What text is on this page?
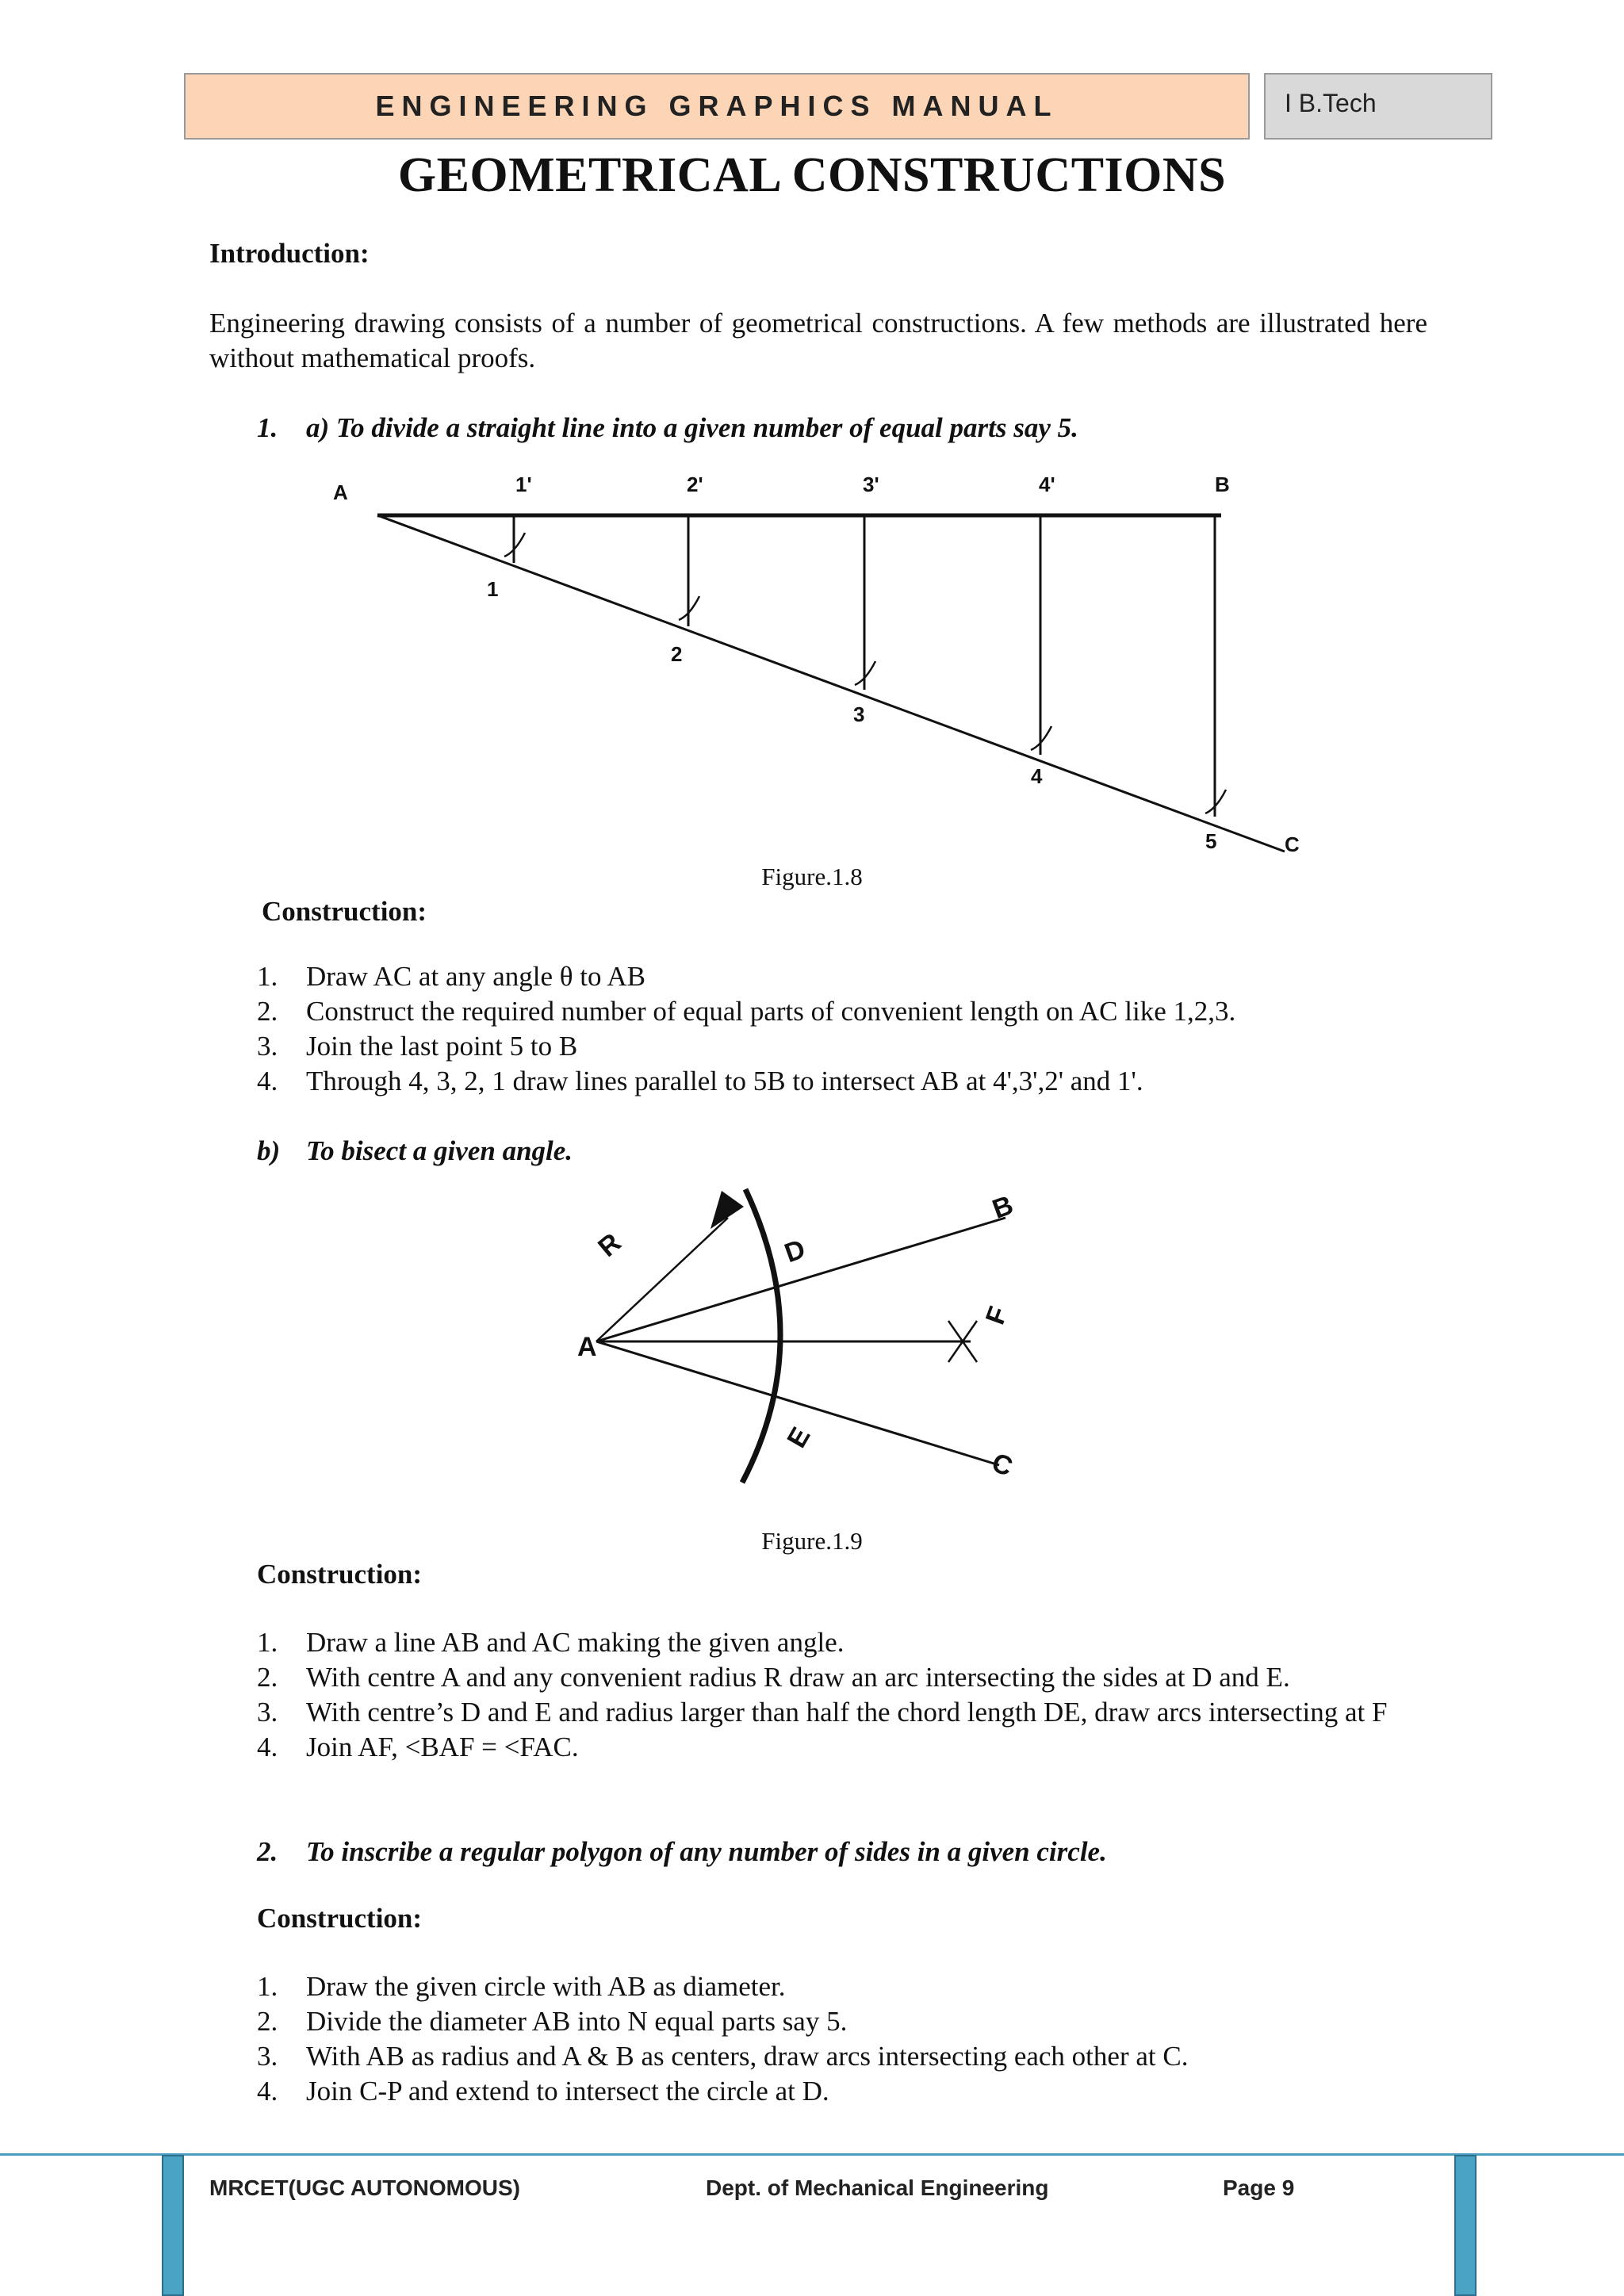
ENGINEERING GRAPHICS MANUAL	I B.Tech
GEOMETRICAL CONSTRUCTIONS
Introduction:
Engineering drawing consists of a number of geometrical constructions. A few methods are illustrated here without mathematical proofs.
1. a) To divide a straight line into a given number of equal parts say 5.
A	1'	2'	3'	4'	B
1
2
3
4
5	C
Figure.1.8
Construction:
1. Draw AC at any angle θ to AB
2. Construct the required number of equal parts of convenient length on AC like 1,2,3.
3. Join the last point 5 to B
4. Through 4, 3, 2, 1 draw lines parallel to 5B to intersect AB at 4',3',2' and 1'.
b) To bisect a given angle.
A
R	D
B
F
E
C
Figure.1.9
Construction:
1. Draw a line AB and AC making the given angle.
2. With centre A and any convenient radius R draw an arc intersecting the sides at D and E.
3. With centre’s D and E and radius larger than half the chord length DE, draw arcs intersecting at F
4. Join AF, <BAF = <FAC.
2. To inscribe a regular polygon of any number of sides in a given circle.
Construction:
1. Draw the given circle with AB as diameter.
2. Divide the diameter AB into N equal parts say 5.
3. With AB as radius and A & B as centers, draw arcs intersecting each other at C.
4. Join C-P and extend to intersect the circle at D.
MRCET(UGC AUTONOMOUS)	Dept. of Mechanical Engineering	Page 9
